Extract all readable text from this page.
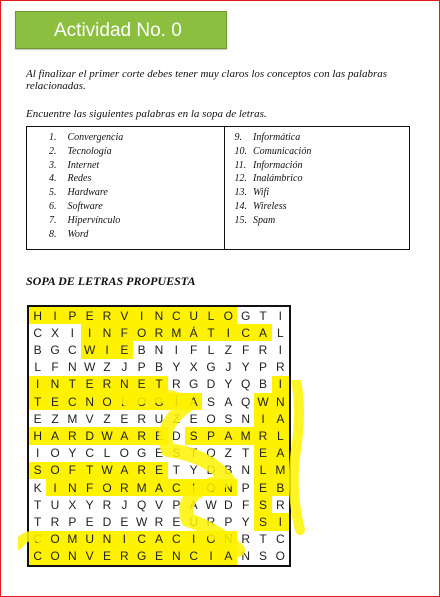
Actividad No. 0
Al finalizar el primer corte debes tener muy claros los conceptos con las palabras relacionadas.
Encuentre las siguientes palabras en la sopa de letras.
1. Convergencia
2. Tecnología
3. Internet
4. Redes
5. Hardware
6. Software
7. Hipervínculo
8. Word
9. Informática
10. Comunicación
11. Información
12. Inalámbrico
13. Wifi
14. Wireless
15. Spam
SOPA DE LETRAS PROPUESTA
H I P E R V I N C U L O G T	I
C X I	I N F O R M Á T	I C A L
B G C W I E B N I F L Z F R I
L F N W Z J P B Y X G J Y P R
I N T E R N E T R G D Y Q B I
T E C N O L O G Í A S A Q W N
E Z M V Z E R U Z E O S N I A
H A R D W A R E D S P A M R L
I O Y C L O G E S T Q Z T E A
S O F T W A R E T Y D B N L M
K I N F O R M A C I O N P E B
T U X Y R J Q V P A W D F S R
T R P E D E W R E U R P Y S I
C O M U N I C A C I O N R T C
C O N V E R G E N C I A N S O
